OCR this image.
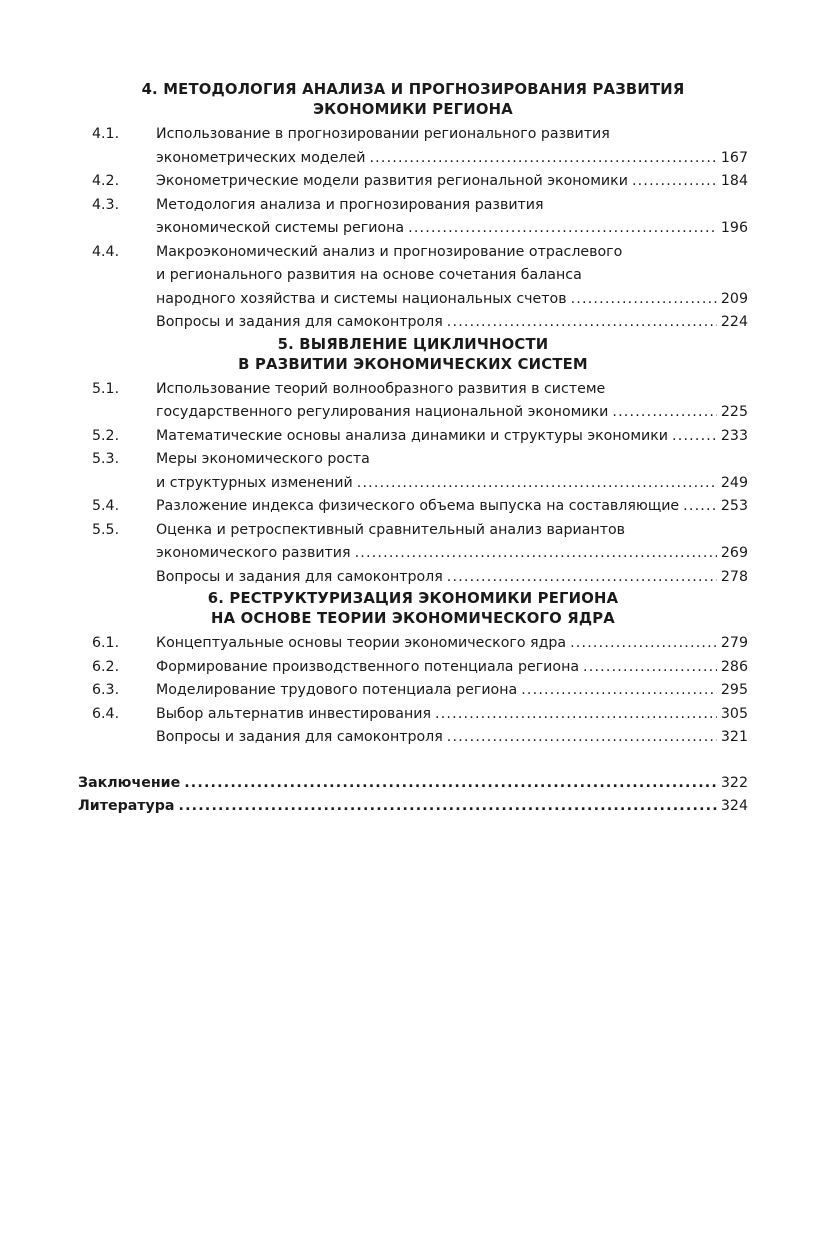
4. МЕТОДОЛОГИЯ АНАЛИЗА И ПРОГНОЗИРОВАНИЯ РАЗВИТИЯ
ЭКОНОМИКИ РЕГИОНА
4.1.	Использование в прогнозировании регионального развития
эконометрических моделей .....	167
4.2.	Эконометрические модели развития региональной экономики .....	184
4.3.	Методология анализа и прогнозирования развития
экономической системы региона .....	196
4.4.	Макроэкономический анализ и прогнозирование отраслевого
и регионального развития на основе сочетания баланса
народного хозяйства и системы национальных счетов .....	209
Вопросы и задания для самоконтроля .....	224
5. ВЫЯВЛЕНИЕ ЦИКЛИЧНОСТИ
В РАЗВИТИИ ЭКОНОМИЧЕСКИХ СИСТЕМ
5.1.	Использование теорий волнообразного развития в системе
государственного регулирования национальной экономики .....	225
5.2.	Математические основы анализа динамики и структуры экономики .....	233
5.3.	Меры экономического роста
и структурных изменений .....	249
5.4.	Разложение индекса физического объема выпуска на составляющие .....	253
5.5.	Оценка и ретроспективный сравнительный анализ вариантов
экономического развития .....	269
Вопросы и задания для самоконтроля .....	278
6. РЕСТРУКТУРИЗАЦИЯ ЭКОНОМИКИ РЕГИОНА
НА ОСНОВЕ ТЕОРИИ ЭКОНОМИЧЕСКОГО ЯДРА
6.1.	Концептуальные основы теории экономического ядра .....	279
6.2.	Формирование производственного потенциала региона .....	286
6.3.	Моделирование трудового потенциала региона .....	295
6.4.	Выбор альтернатив инвестирования .....	305
Вопросы и задания для самоконтроля .....	321
Заключение .....	322
Литература .....	324
